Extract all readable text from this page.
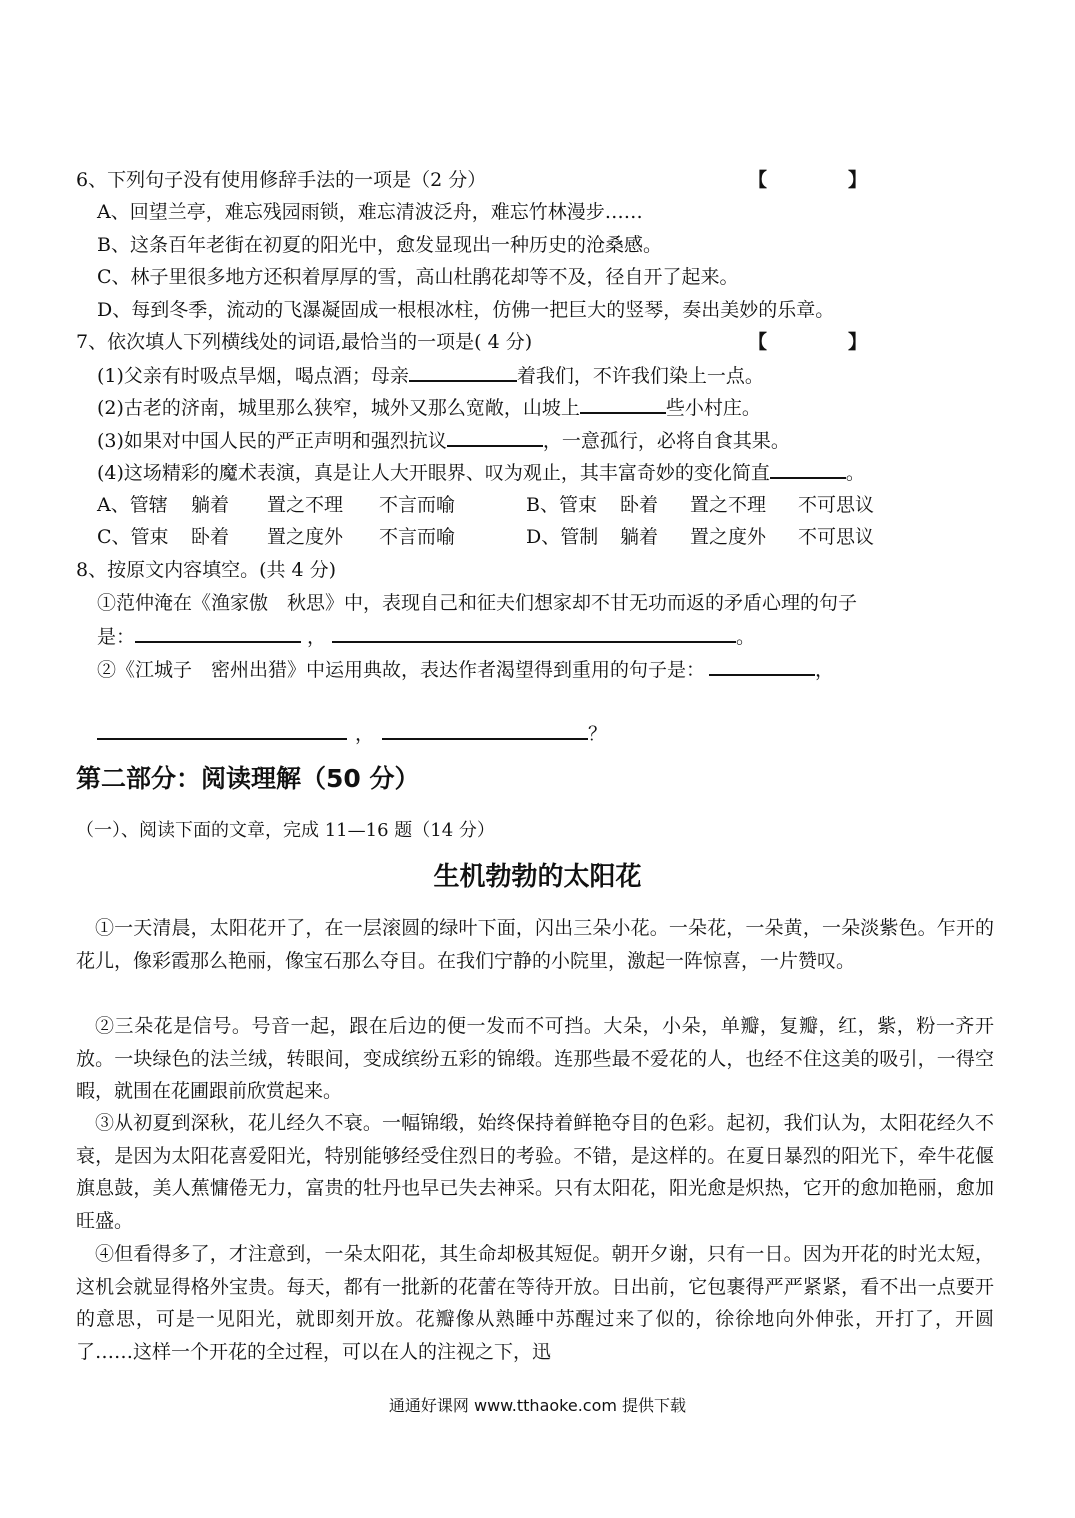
6、下列句子没有使用修辞手法的一项是（2 分）	【	】
A、回望兰亭，难忘残园雨锁，难忘清波泛舟，难忘竹林漫步……
B、这条百年老街在初夏的阳光中，愈发显现出一种历史的沧桑感。
C、林子里很多地方还积着厚厚的雪，高山杜鹃花却等不及，径自开了起来。
D、每到冬季，流动的飞瀑凝固成一根根冰柱，仿佛一把巨大的竖琴，奏出美妙的乐章。
7、依次填人下列横线处的词语,最恰当的一项是( 4 分)	【	】
(1)父亲有时吸点旱烟，喝点酒；母亲	着我们，不许我们染上一点。
(2)古老的济南，城里那么狭窄，城外又那么宽敞，山坡上	些小村庄。
(3)如果对中国人民的严正声明和强烈抗议	，一意孤行，必将自食其果。
(4)这场精彩的魔术表演，真是让人大开眼界、叹为观止，其丰富奇妙的变化简直	。
A、管辖 躺着 置之不理 不言而喻	B、管束 卧着 置之不理 不可思议
C、管束 卧着 置之度外 不言而喻	D、管制 躺着 置之度外 不可思议
8、按原文内容填空。(共 4 分)
①范仲淹在《渔家傲　秋思》中，表现自己和征夫们想家却不甘无功而返的矛盾心理的句子
是：	，	。
②《江城子　密州出猎》中运用典故，表达作者渴望得到重用的句子是：	，
，	？
第二部分：阅读理解（50 分）
（一）、阅读下面的文章，完成 11—16 题（14 分）
生机勃勃的太阳花
①一天清晨，太阳花开了，在一层滚圆的绿叶下面，闪出三朵小花。一朵花，一朵黄，一朵淡紫色。乍开的花儿，像彩霞那么艳丽，像宝石那么夺目。在我们宁静的小院里，激起一阵惊喜，一片赞叹。
②三朵花是信号。号音一起，跟在后边的便一发而不可挡。大朵，小朵，单瓣，复瓣，红，紫，粉一齐开放。一块绿色的法兰绒，转眼间，变成缤纷五彩的锦缎。连那些最不爱花的人，也经不住这美的吸引，一得空暇，就围在花圃跟前欣赏起来。
③从初夏到深秋，花儿经久不衰。一幅锦缎，始终保持着鲜艳夺目的色彩。起初，我们认为，太阳花经久不衰，是因为太阳花喜爱阳光，特别能够经受住烈日的考验。不错，是这样的。在夏日暴烈的阳光下，牵牛花偃旗息鼓，美人蕉慵倦无力，富贵的牡丹也早已失去神采。只有太阳花，阳光愈是炽热，它开的愈加艳丽，愈加旺盛。
④但看得多了，才注意到，一朵太阳花，其生命却极其短促。朝开夕谢，只有一日。因为开花的时光太短，这机会就显得格外宝贵。每天，都有一批新的花蕾在等待开放。日出前，它包裹得严严紧紧，看不出一点要开的意思，可是一见阳光，就即刻开放。花瓣像从熟睡中苏醒过来了似的，徐徐地向外伸张，开打了，开圆了……这样一个开花的全过程，可以在人的注视之下，迅
通通好课网 www.tthaoke.com 提供下载
